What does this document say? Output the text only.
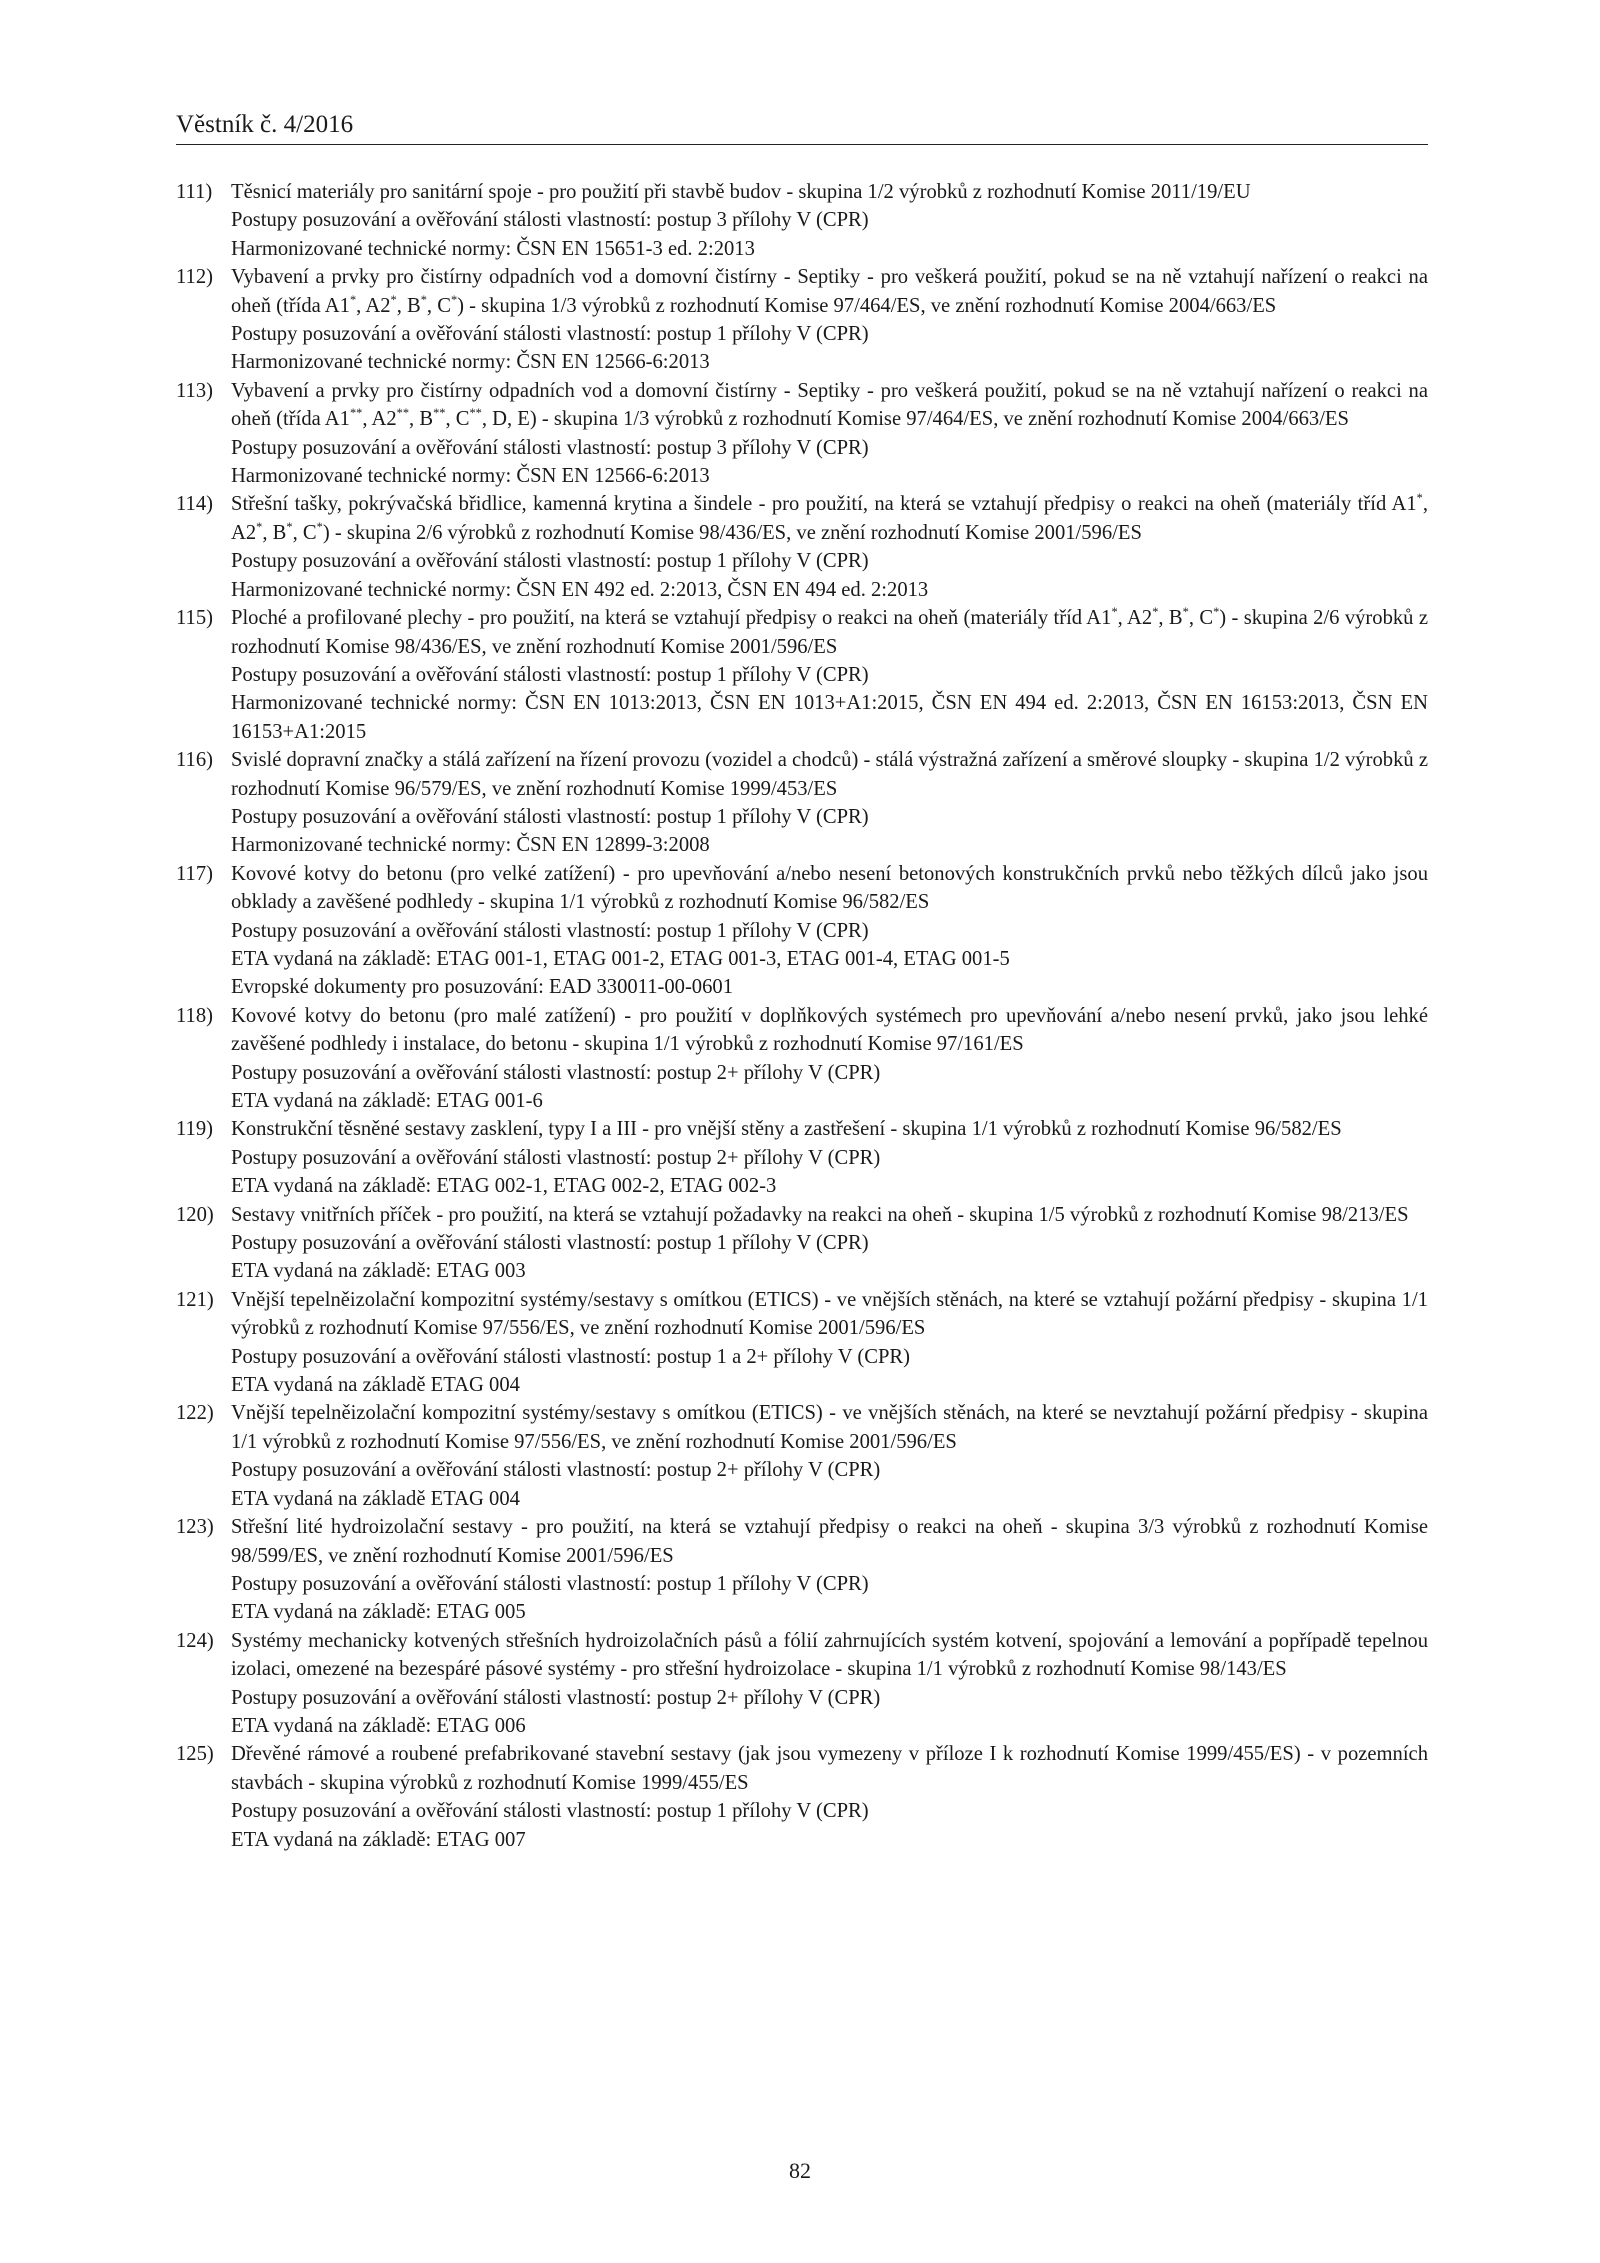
Věstník č. 4/2016
111) Těsnicí materiály pro sanitární spoje - pro použití při stavbě budov - skupina 1/2 výrobků z rozhodnutí Komise 2011/19/EU
Postupy posuzování a ověřování stálosti vlastností: postup 3 přílohy V (CPR)
Harmonizované technické normy: ČSN EN 15651-3 ed. 2:2013
112) Vybavení a prvky pro čistírny odpadních vod a domovní čistírny - Septiky - pro veškerá použití, pokud se na ně vztahují nařízení o reakci na oheň (třída A1*, A2*, B*, C*) - skupina 1/3 výrobků z rozhodnutí Komise 97/464/ES, ve znění rozhodnutí Komise 2004/663/ES
Postupy posuzování a ověřování stálosti vlastností: postup 1 přílohy V (CPR)
Harmonizované technické normy: ČSN EN 12566-6:2013
113) Vybavení a prvky pro čistírny odpadních vod a domovní čistírny - Septiky - pro veškerá použití, pokud se na ně vztahují nařízení o reakci na oheň (třída A1**, A2**, B**, C**, D, E) - skupina 1/3 výrobků z rozhodnutí Komise 97/464/ES, ve znění rozhodnutí Komise 2004/663/ES
Postupy posuzování a ověřování stálosti vlastností: postup 3 přílohy V (CPR)
Harmonizované technické normy: ČSN EN 12566-6:2013
114) Střešní tašky, pokrývačská břidlice, kamenná krytina a šindele - pro použití, na která se vztahují předpisy o reakci na oheň (materiály tříd A1*, A2*, B*, C*) - skupina 2/6 výrobků z rozhodnutí Komise 98/436/ES, ve znění rozhodnutí Komise 2001/596/ES
Postupy posuzování a ověřování stálosti vlastností: postup 1 přílohy V (CPR)
Harmonizované technické normy: ČSN EN 492 ed. 2:2013, ČSN EN 494 ed. 2:2013
115) Ploché a profilované plechy - pro použití, na která se vztahují předpisy o reakci na oheň (materiály tříd A1*, A2*, B*, C*) - skupina 2/6 výrobků z rozhodnutí Komise 98/436/ES, ve znění rozhodnutí Komise 2001/596/ES
Postupy posuzování a ověřování stálosti vlastností: postup 1 přílohy V (CPR)
Harmonizované technické normy: ČSN EN 1013:2013, ČSN EN 1013+A1:2015, ČSN EN 494 ed. 2:2013, ČSN EN 16153:2013, ČSN EN 16153+A1:2015
116) Svislé dopravní značky a stálá zařízení na řízení provozu (vozidel a chodců) - stálá výstražná zařízení a směrové sloupky - skupina 1/2 výrobků z rozhodnutí Komise 96/579/ES, ve znění rozhodnutí Komise 1999/453/ES
Postupy posuzování a ověřování stálosti vlastností: postup 1 přílohy V (CPR)
Harmonizované technické normy: ČSN EN 12899-3:2008
117) Kovové kotvy do betonu (pro velké zatížení) - pro upevňování a/nebo nesení betonových konstrukčních prvků nebo těžkých dílců jako jsou obklady a zavěšené podhledy - skupina 1/1 výrobků z rozhodnutí Komise 96/582/ES
Postupy posuzování a ověřování stálosti vlastností: postup 1 přílohy V (CPR)
ETA vydaná na základě: ETAG 001-1, ETAG 001-2, ETAG 001-3, ETAG 001-4, ETAG 001-5
Evropské dokumenty pro posuzování: EAD 330011-00-0601
118) Kovové kotvy do betonu (pro malé zatížení) - pro použití v doplňkových systémech pro upevňování a/nebo nesení prvků, jako jsou lehké zavěšené podhledy i instalace, do betonu - skupina 1/1 výrobků z rozhodnutí Komise 97/161/ES
Postupy posuzování a ověřování stálosti vlastností: postup 2+ přílohy V (CPR)
ETA vydaná na základě: ETAG 001-6
119) Konstrukční těsněné sestavy zasklení, typy I a III - pro vnější stěny a zastřešení - skupina 1/1 výrobků z rozhodnutí Komise 96/582/ES
Postupy posuzování a ověřování stálosti vlastností: postup 2+ přílohy V (CPR)
ETA vydaná na základě: ETAG 002-1, ETAG 002-2, ETAG 002-3
120) Sestavy vnitřních příček - pro použití, na která se vztahují požadavky na reakci na oheň - skupina 1/5 výrobků z rozhodnutí Komise 98/213/ES
Postupy posuzování a ověřování stálosti vlastností: postup 1 přílohy V (CPR)
ETA vydaná na základě: ETAG 003
121) Vnější tepelněizolační kompozitní systémy/sestavy s omítkou (ETICS) - ve vnějších stěnách, na které se vztahují požární předpisy - skupina 1/1 výrobků z rozhodnutí Komise 97/556/ES, ve znění rozhodnutí Komise 2001/596/ES
Postupy posuzování a ověřování stálosti vlastností: postup 1 a 2+ přílohy V (CPR)
ETA vydaná na základě ETAG 004
122) Vnější tepelněizolační kompozitní systémy/sestavy s omítkou (ETICS) - ve vnějších stěnách, na které se nevztahují požární předpisy - skupina 1/1 výrobků z rozhodnutí Komise 97/556/ES, ve znění rozhodnutí Komise 2001/596/ES
Postupy posuzování a ověřování stálosti vlastností: postup 2+ přílohy V (CPR)
ETA vydaná na základě ETAG 004
123) Střešní lité hydroizolační sestavy - pro použití, na která se vztahují předpisy o reakci na oheň - skupina 3/3 výrobků z rozhodnutí Komise 98/599/ES, ve znění rozhodnutí Komise 2001/596/ES
Postupy posuzování a ověřování stálosti vlastností: postup 1 přílohy V (CPR)
ETA vydaná na základě: ETAG 005
124) Systémy mechanicky kotvených střešních hydroizolačních pásů a fólií zahrnujících systém kotvení, spojování a lemování a popřípadě tepelnou izolaci, omezené na bezespáré pásové systémy - pro střešní hydroizolace - skupina 1/1 výrobků z rozhodnutí Komise 98/143/ES
Postupy posuzování a ověřování stálosti vlastností: postup 2+ přílohy V (CPR)
ETA vydaná na základě: ETAG 006
125) Dřevěné rámové a roubené prefabrikované stavební sestavy (jak jsou vymezeny v příloze I k rozhodnutí Komise 1999/455/ES) - v pozemních stavbách - skupina výrobků z rozhodnutí Komise 1999/455/ES
Postupy posuzování a ověřování stálosti vlastností: postup 1 přílohy V (CPR)
ETA vydaná na základě: ETAG 007
82
